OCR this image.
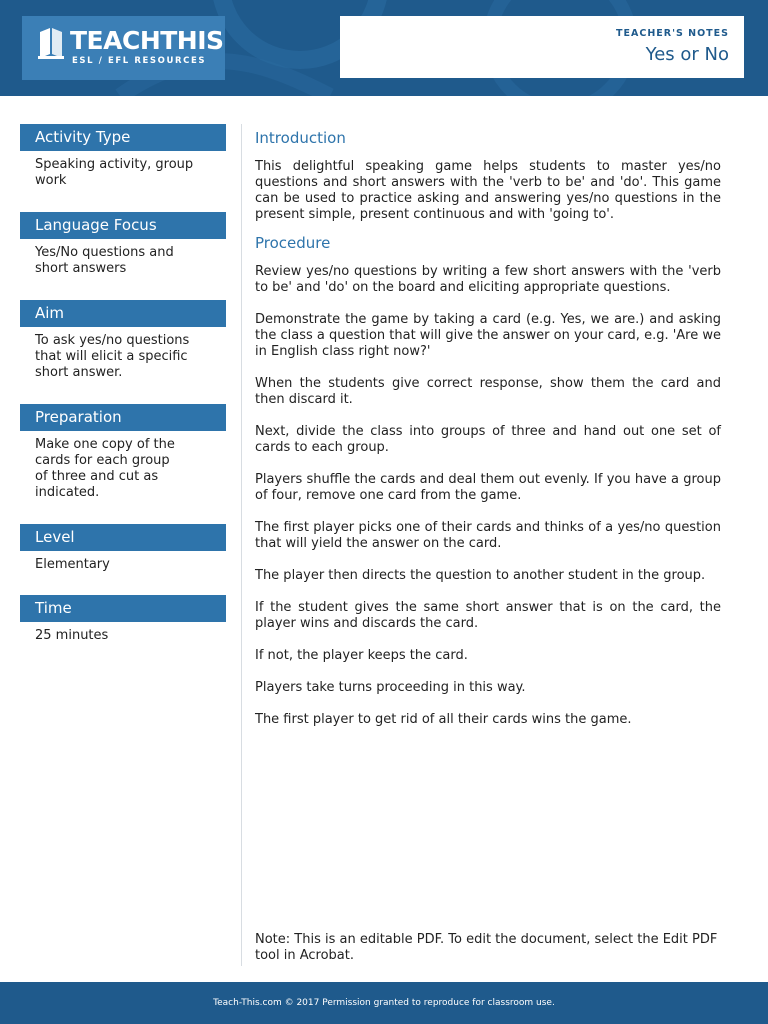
TEACHTHIS
ESL / EFL RESOURCES
TEACHER'S NOTES
Yes or No
Activity Type
Speaking activity, group
work
Language Focus
Yes/No questions and
short answers
Aim
To ask yes/no questions
that will elicit a specific
short answer.
Preparation
Make one copy of the
cards for each group
of three and cut as
indicated.
Level
Elementary
Time
25 minutes
Introduction

This delightful speaking game helps students to master yes/no questions and short answers with the 'verb to be' and 'do'. This game can be used to practice asking and answering yes/no questions in the present simple, present continuous and with 'going to'.

Procedure

Review yes/no questions by writing a few short answers with the 'verb to be' and 'do' on the board and eliciting appropriate questions.

Demonstrate the game by taking a card (e.g. Yes, we are.) and asking the class a question that will give the answer on your card, e.g. 'Are we in English class right now?'

When the students give correct response, show them the card and then discard it.

Next, divide the class into groups of three and hand out one set of cards to each group.

Players shuffle the cards and deal them out evenly. If you have a group of four, remove one card from the game.

The first player picks one of their cards and thinks of a yes/no question that will yield the answer on the card.

The player then directs the question to another student in the group.

If the student gives the same short answer that is on the card, the player wins and discards the card.

If not, the player keeps the card.

Players take turns proceeding in this way.

The first player to get rid of all their cards wins the game.

Note: This is an editable PDF. To edit the document, select the Edit PDF tool in Acrobat.
Teach-This.com © 2017 Permission granted to reproduce for classroom use.
